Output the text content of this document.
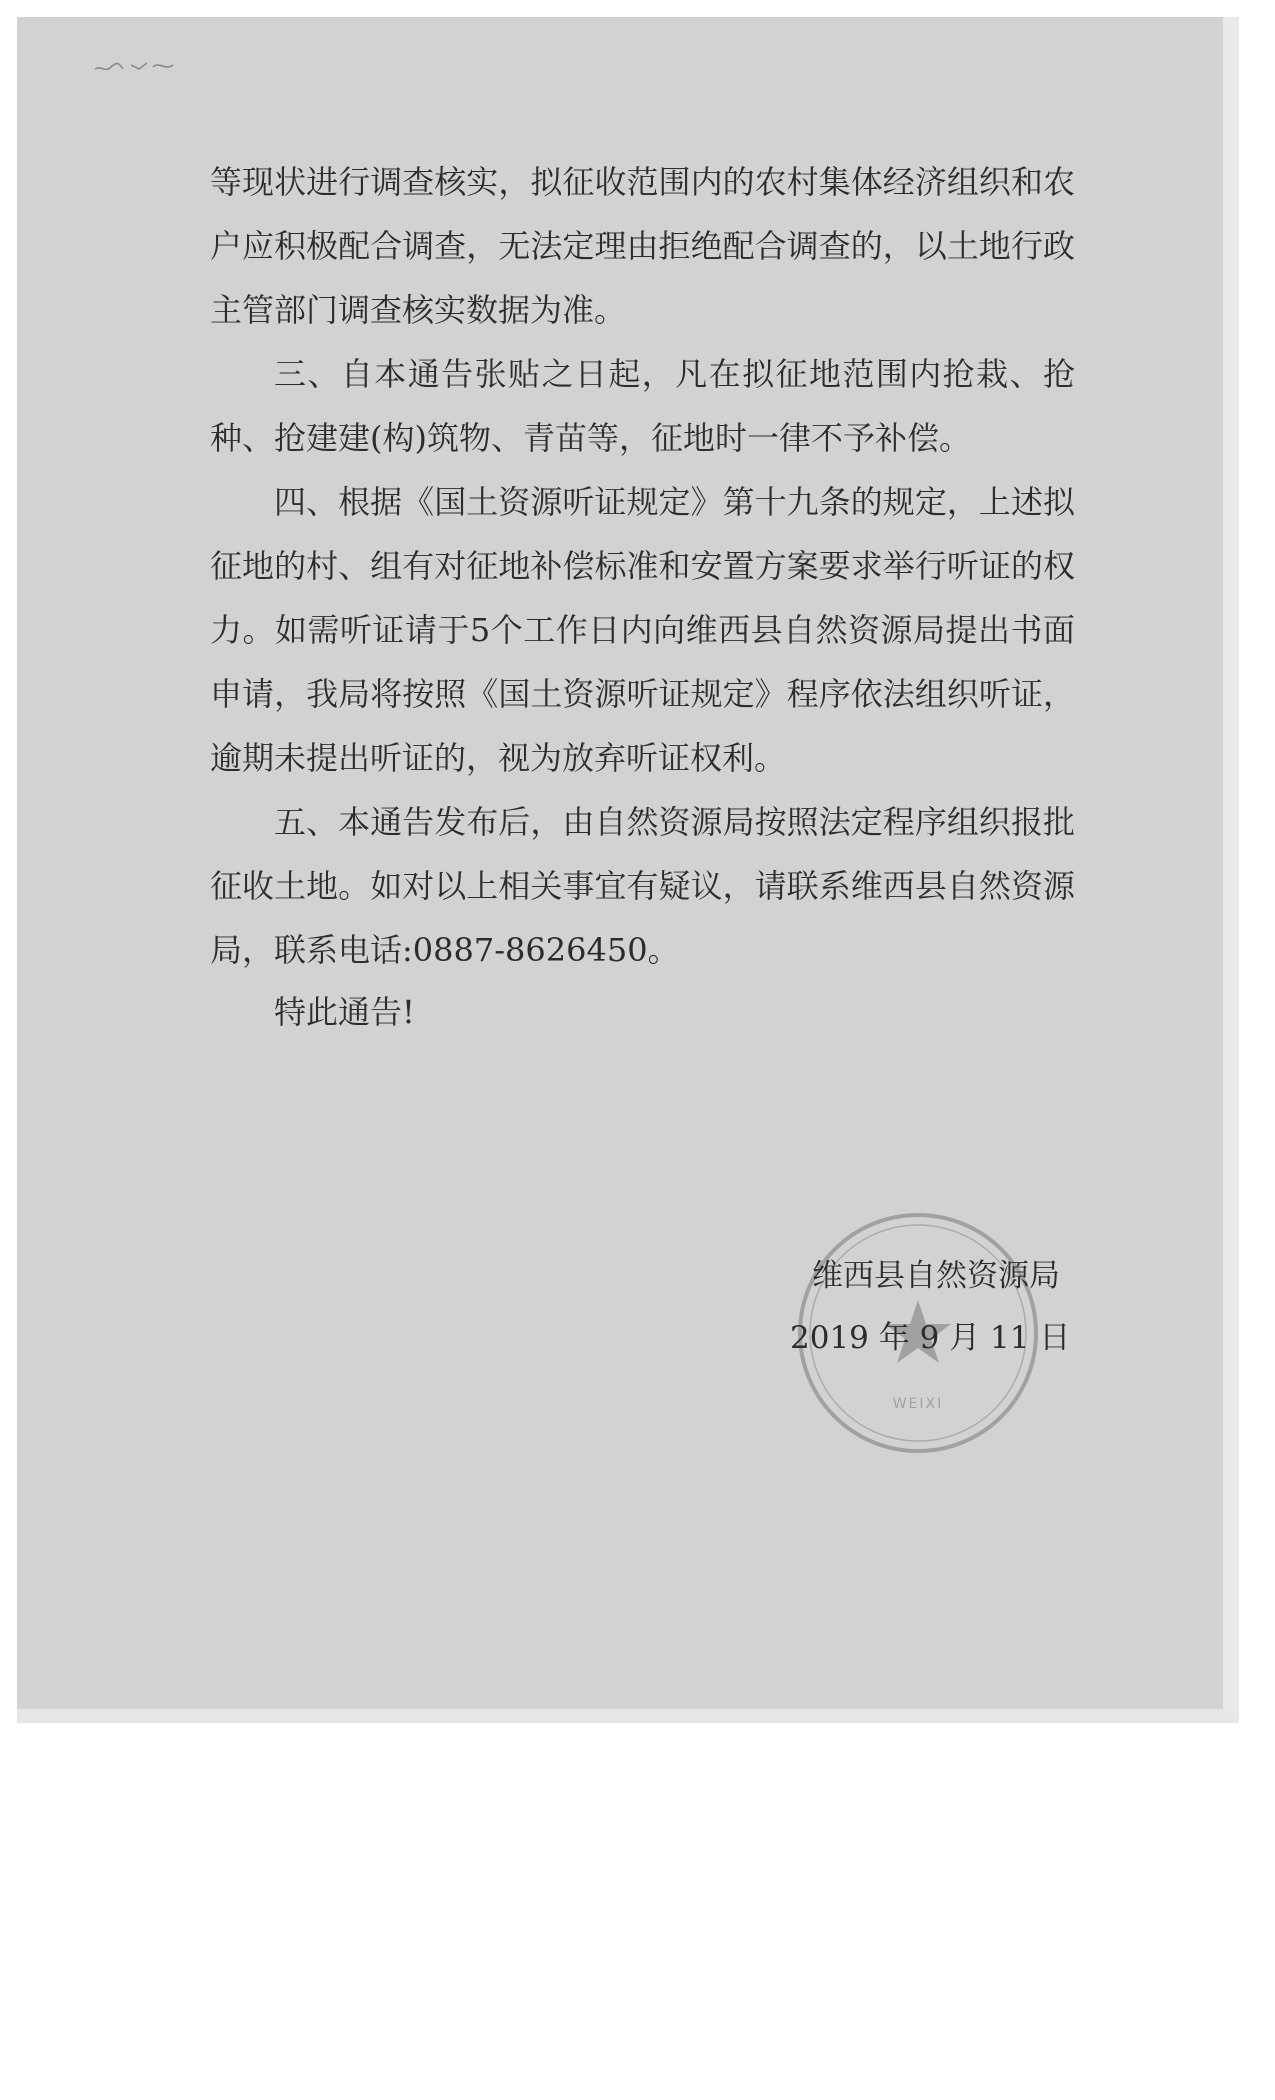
等现状进行调查核实，拟征收范围内的农村集体经济组织和农户应积极配合调查，无法定理由拒绝配合调查的，以土地行政主管部门调查核实数据为准。

三、自本通告张贴之日起，凡在拟征地范围内抢栽、抢种、抢建建(构)筑物、青苗等，征地时一律不予补偿。

四、根据《国土资源听证规定》第十九条的规定，上述拟征地的村、组有对征地补偿标准和安置方案要求举行听证的权力。如需听证请于5个工作日内向维西县自然资源局提出书面申请，我局将按照《国土资源听证规定》程序依法组织听证，逾期未提出听证的，视为放弃听证权利。

五、本通告发布后，由自然资源局按照法定程序组织报批征收土地。如对以上相关事宜有疑议，请联系维西县自然资源局，联系电话:0887-8626450。

特此通告!

WEIXI
维西县自然资源局
2019 年 9 月 11 日
